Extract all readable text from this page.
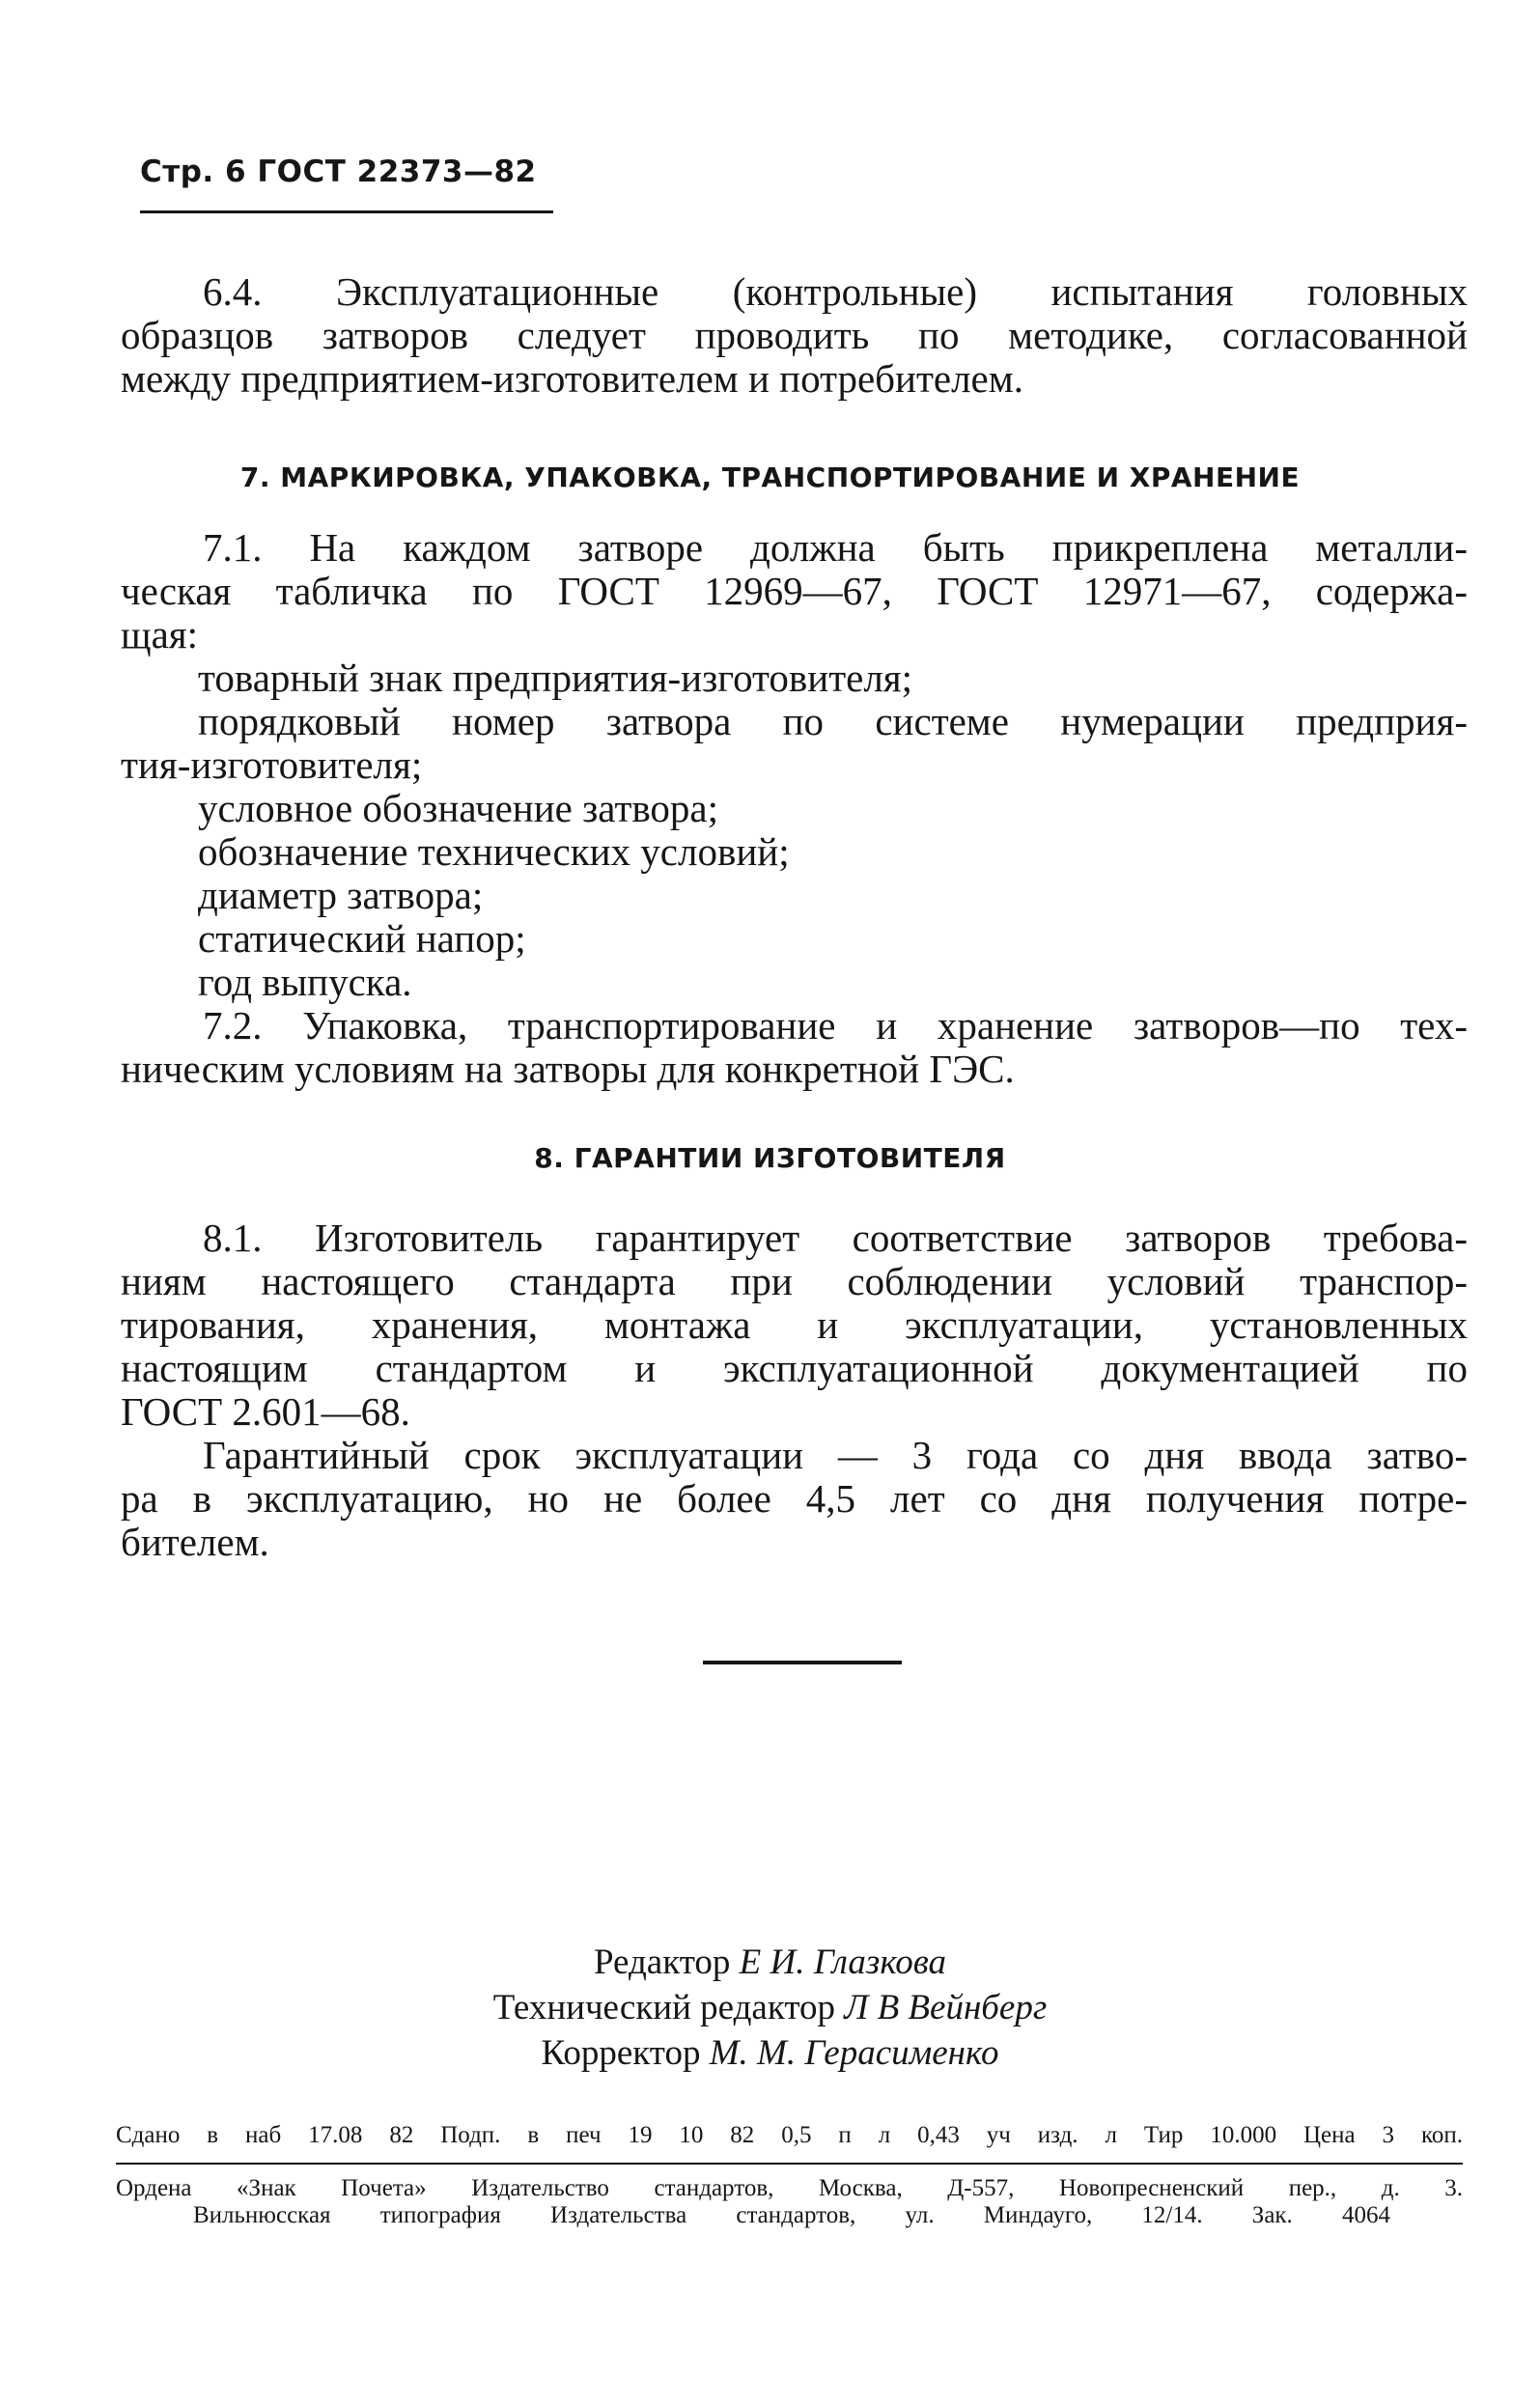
Стр. 6 ГОСТ 22373—82
6.4. Эксплуатационные (контрольные) испытания головных
образцов затворов следует проводить по методике, согласованной
между предприятием-изготовителем и потребителем.
7. МАРКИРОВКА, УПАКОВКА, ТРАНСПОРТИРОВАНИЕ И ХРАНЕНИЕ
7.1. На каждом затворе должна быть прикреплена металли-
ческая табличка по ГОСТ 12969—67, ГОСТ 12971—67, содержа-
щая:
товарный знак предприятия-изготовителя;
порядковый номер затвора по системе нумерации предприя-
тия-изготовителя;
условное обозначение затвора;
обозначение технических условий;
диаметр затвора;
статический напор;
год выпуска.
7.2. Упаковка, транспортирование и хранение затворов—по тех-
ническим условиям на затворы для конкретной ГЭС.
8. ГАРАНТИИ ИЗГОТОВИТЕЛЯ
8.1. Изготовитель гарантирует соответствие затворов требова-
ниям настоящего стандарта при соблюдении условий транспор-
тирования, хранения, монтажа и эксплуатации, установленных
настоящим стандартом и эксплуатационной документацией по
ГОСТ 2.601—68.
Гарантийный срок эксплуатации — 3 года со дня ввода затво-
ра в эксплуатацию, но не более 4,5 лет со дня получения потре-
бителем.
Редактор Е И. Глазкова
Технический редактор Л В Вейнберг
Корректор М. М. Герасименко
Сдано в наб 17.08 82 Подп. в печ 19 10 82 0,5 п л 0,43 уч изд. л Тир 10.000 Цена 3 коп.
Ордена «Знак Почета» Издательство стандартов, Москва, Д-557, Новопресненский пер., д. 3.
Вильнюсская типография Издательства стандартов, ул. Миндауго, 12/14. Зак. 4064
